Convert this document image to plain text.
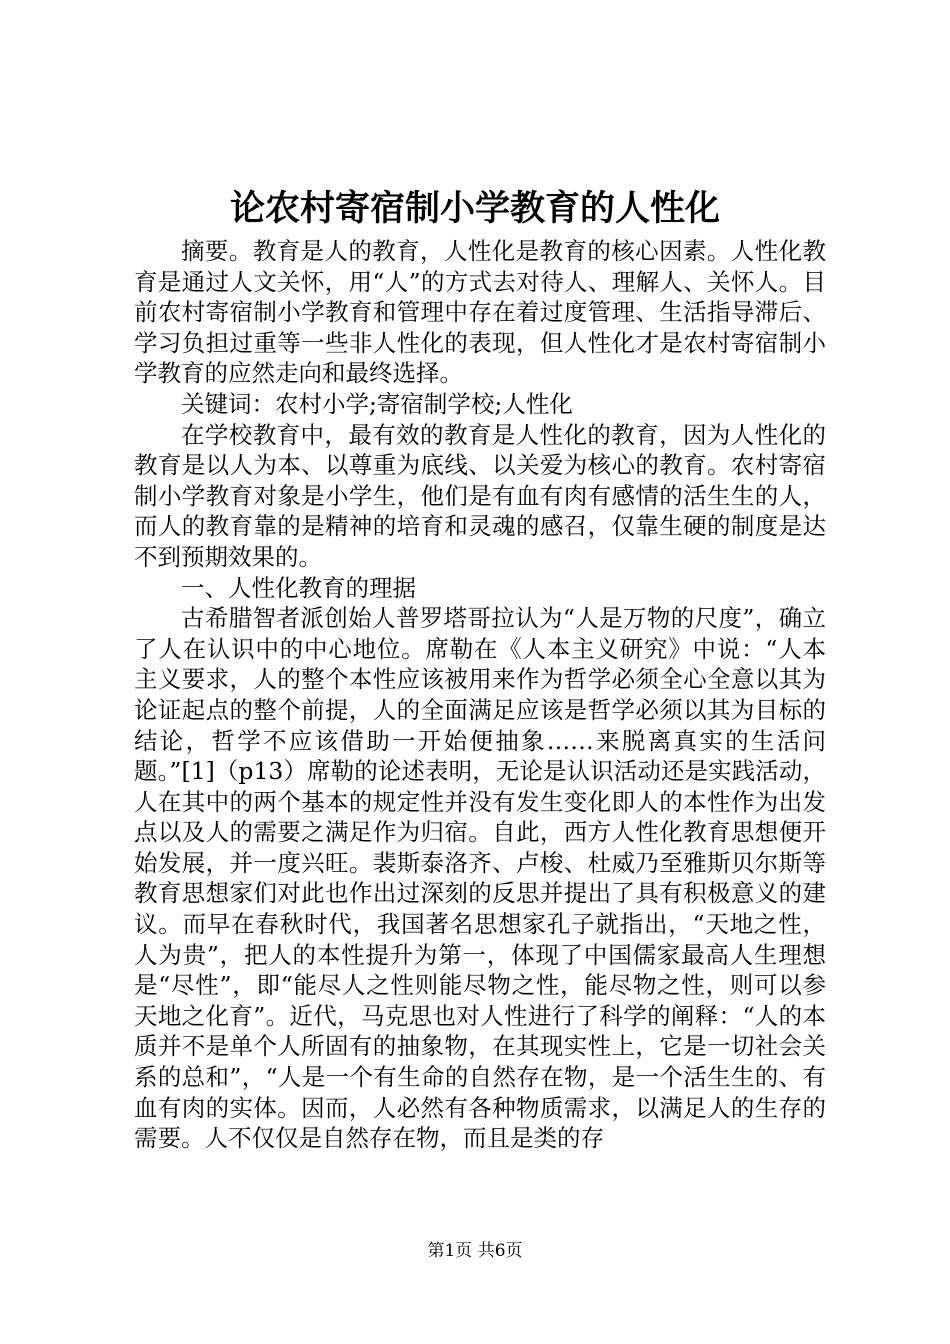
论农村寄宿制小学教育的人性化

摘要。教育是人的教育，人性化是教育的核心因素。人性化教育是通过人文关怀，用“人”的方式去对待人、理解人、关怀人。目前农村寄宿制小学教育和管理中存在着过度管理、生活指导滞后、学习负担过重等一些非人性化的表现，但人性化才是农村寄宿制小学教育的应然走向和最终选择。

关键词：农村小学;寄宿制学校;人性化

在学校教育中，最有效的教育是人性化的教育，因为人性化的教育是以人为本、以尊重为底线、以关爱为核心的教育。农村寄宿制小学教育对象是小学生，他们是有血有肉有感情的活生生的人，而人的教育靠的是精神的培育和灵魂的感召，仅靠生硬的制度是达不到预期效果的。

一、人性化教育的理据

古希腊智者派创始人普罗塔哥拉认为“人是万物的尺度”，确立了人在认识中的中心地位。席勒在《人本主义研究》中说：“人本主义要求，人的整个本性应该被用来作为哲学必须全心全意以其为论证起点的整个前提，人的全面满足应该是哲学必须以其为目标的结论，哲学不应该借助一开始便抽象……来脱离真实的生活问题。”[1]（p13）席勒的论述表明，无论是认识活动还是实践活动，人在其中的两个基本的规定性并没有发生变化即人的本性作为出发点以及人的需要之满足作为归宿。自此，西方人性化教育思想便开始发展，并一度兴旺。裴斯泰洛齐、卢梭、杜威乃至雅斯贝尔斯等教育思想家们对此也作出过深刻的反思并提出了具有积极意义的建议。而早在春秋时代，我国著名思想家孔子就指出，“天地之性，人为贵”，把人的本性提升为第一，体现了中国儒家最高人生理想是“尽性”，即“能尽人之性则能尽物之性，能尽物之性，则可以参天地之化育”。近代，马克思也对人性进行了科学的阐释：“人的本质并不是单个人所固有的抽象物，在其现实性上，它是一切社会关系的总和”，“人是一个有生命的自然存在物，是一个活生生的、有血有肉的实体。因而，人必然有各种物质需求，以满足人的生存的需要。人不仅仅是自然存在物，而且是类的存

第1页 共6页
